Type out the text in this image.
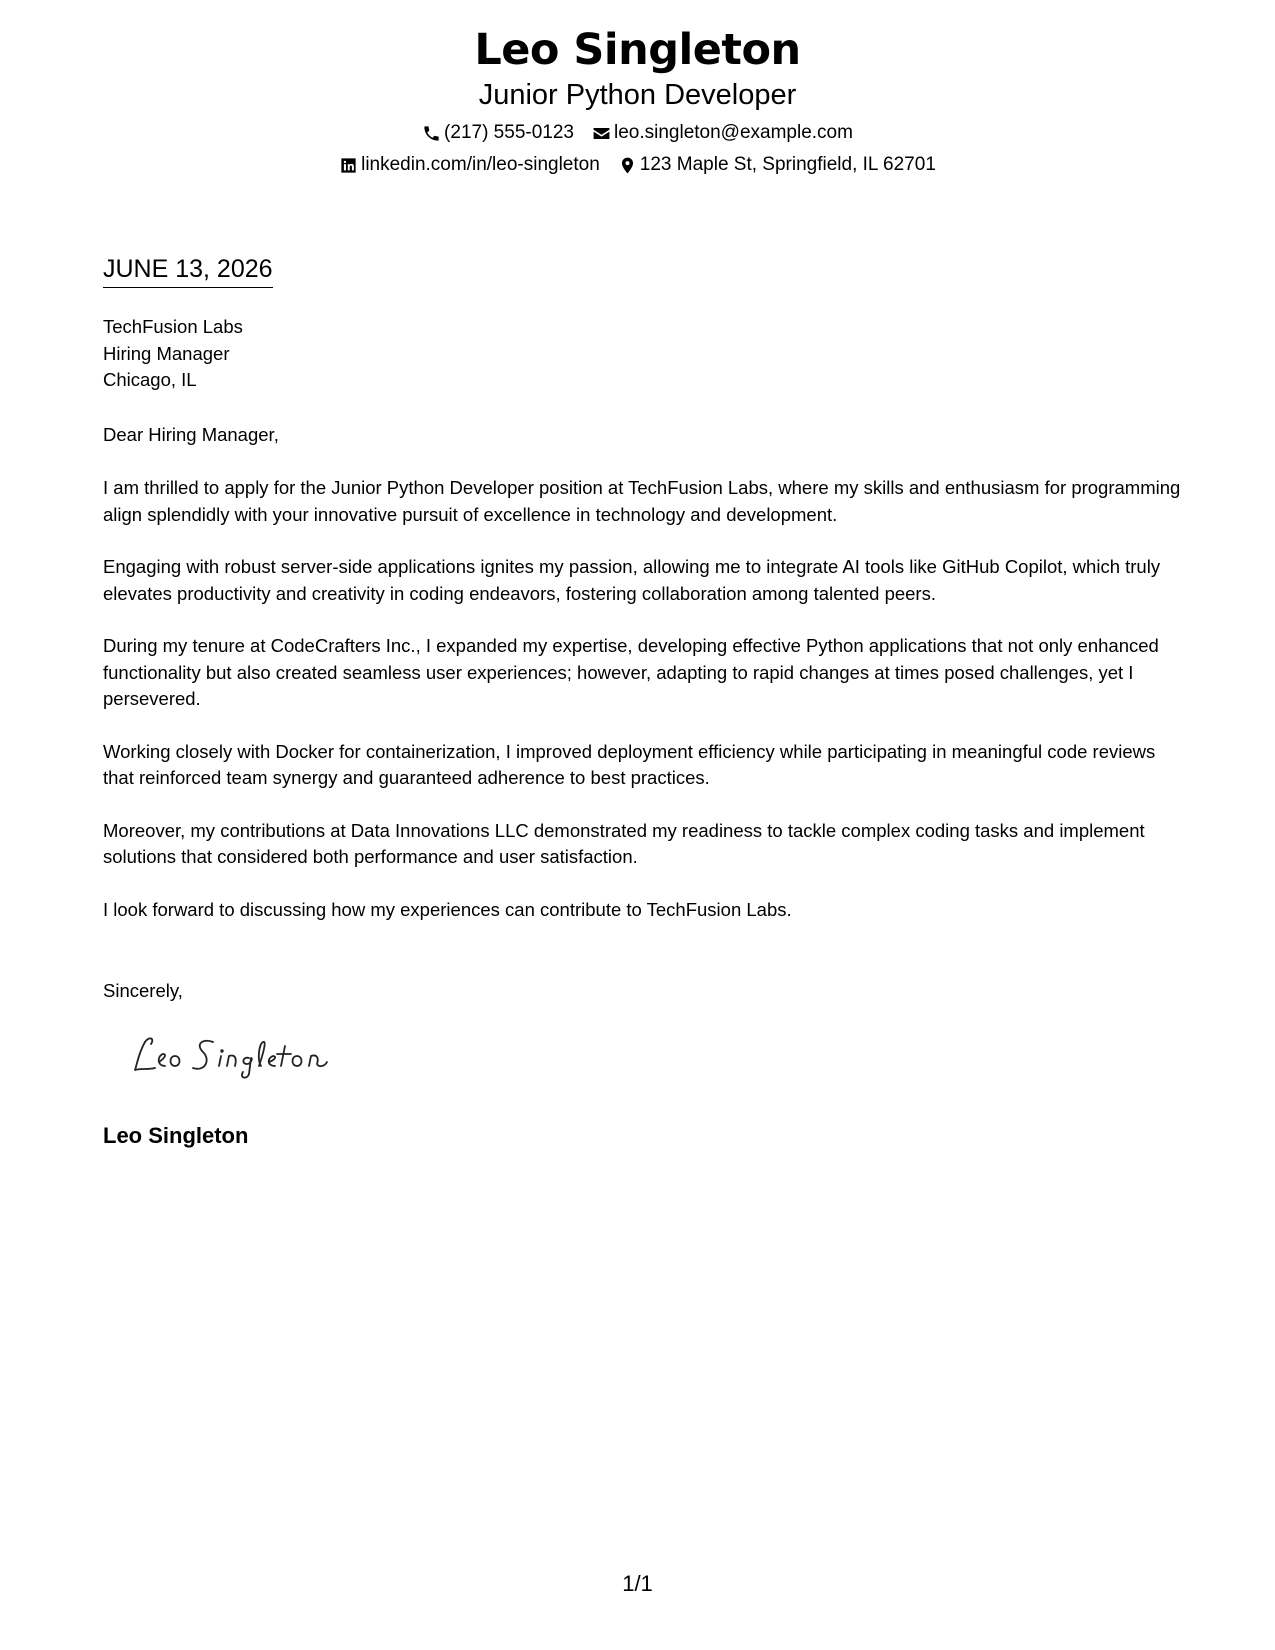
Leo Singleton
Junior Python Developer
(217) 555-0123 leo.singleton@example.com
linkedin.com/in/leo-singleton 123 Maple St, Springfield, IL 62701
JUNE 13, 2026
TechFusion Labs
Hiring Manager
Chicago, IL
Dear Hiring Manager,

I am thrilled to apply for the Junior Python Developer position at TechFusion Labs, where my skills and enthusiasm for programming align splendidly with your innovative pursuit of excellence in technology and development.

Engaging with robust server-side applications ignites my passion, allowing me to integrate AI tools like GitHub Copilot, which truly elevates productivity and creativity in coding endeavors, fostering collaboration among talented peers.

During my tenure at CodeCrafters Inc., I expanded my expertise, developing effective Python applications that not only enhanced functionality but also created seamless user experiences; however, adapting to rapid changes at times posed challenges, yet I persevered.

Working closely with Docker for containerization, I improved deployment efficiency while participating in meaningful code reviews that reinforced team synergy and guaranteed adherence to best practices.

Moreover, my contributions at Data Innovations LLC demonstrated my readiness to tackle complex coding tasks and implement solutions that considered both performance and user satisfaction.

I look forward to discussing how my experiences can contribute to TechFusion Labs.

Sincerely,
Leo Singleton
1/1
